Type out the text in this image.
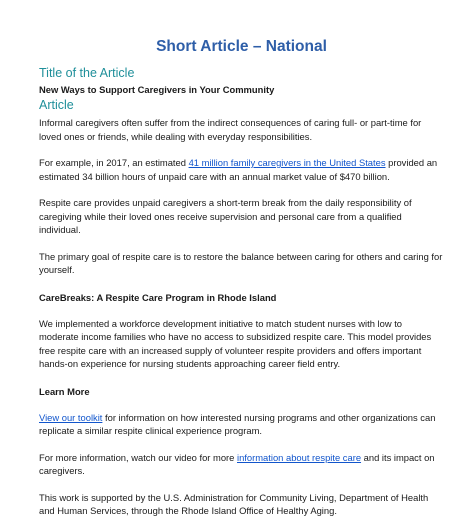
Short Article – National
Title of the Article
New Ways to Support Caregivers in Your Community
Article

Informal caregivers often suffer from the indirect consequences of caring full- or part-time for loved ones or friends, while dealing with everyday responsibilities.

For example, in 2017, an estimated 41 million family caregivers in the United States provided an estimated 34 billion hours of unpaid care with an annual market value of $470 billion.

Respite care provides unpaid caregivers a short-term break from the daily responsibility of caregiving while their loved ones receive supervision and personal care from a qualified individual.

The primary goal of respite care is to restore the balance between caring for others and caring for yourself.

CareBreaks: A Respite Care Program in Rhode Island

We implemented a workforce development initiative to match student nurses with low to moderate income families who have no access to subsidized respite care. This model provides free respite care with an increased supply of volunteer respite providers and offers important hands-on experience for nursing students approaching career field entry.

Learn More

View our toolkit for information on how interested nursing programs and other organizations can replicate a similar respite clinical experience program.

For more information, watch our video for more information about respite care and its impact on caregivers.

This work is supported by the U.S. Administration for Community Living, Department of Health and Human Services, through the Rhode Island Office of Healthy Aging.
